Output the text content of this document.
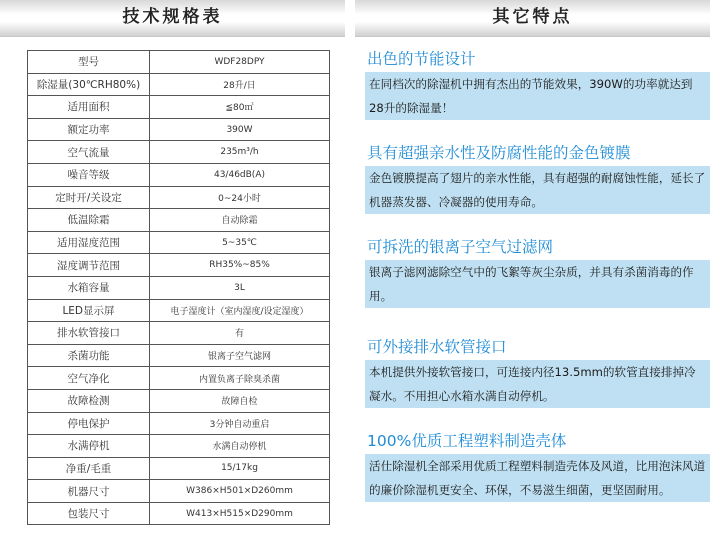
技术规格表	其它特点
型号	WDF28DPY
除湿量(30℃RH80%)	28升/日
适用面积	≦80㎡
额定功率	390W
空气流量	235m³/h
噪音等级	43/46dB(A)
定时开/关设定	0~24小时
低温除霜	自动除霜
适用湿度范围	5~35℃
湿度调节范围	RH35%~85%
水箱容量	3L
LED显示屏	电子湿度计（室内湿度/设定湿度）
排水软管接口	有
杀菌功能	银离子空气滤网
空气净化	内置负离子除臭杀菌
故障检测	故障自检
停电保护	3分钟自动重启
水满停机	水满自动停机
净重/毛重	15/17kg
机器尺寸	W386×H501×D260mm
包装尺寸	W413×H515×D290mm
出色的节能设计
在同档次的除湿机中拥有杰出的节能效果，390W的功率就达到28升的除湿量！
具有超强亲水性及防腐性能的金色镀膜
金色镀膜提高了翅片的亲水性能，具有超强的耐腐蚀性能，延长了机器蒸发器、冷凝器的使用寿命。
可拆洗的银离子空气过滤网
银离子滤网滤除空气中的飞絮等灰尘杂质，并具有杀菌消毒的作用。
可外接排水软管接口
本机提供外接软管接口，可连接内径13.5mm的软管直接排掉冷凝水。不用担心水箱水满自动停机。
100%优质工程塑料制造壳体
活仕除湿机全部采用优质工程塑料制造壳体及风道，比用泡沫风道的廉价除湿机更安全、环保，不易滋生细菌，更坚固耐用。
